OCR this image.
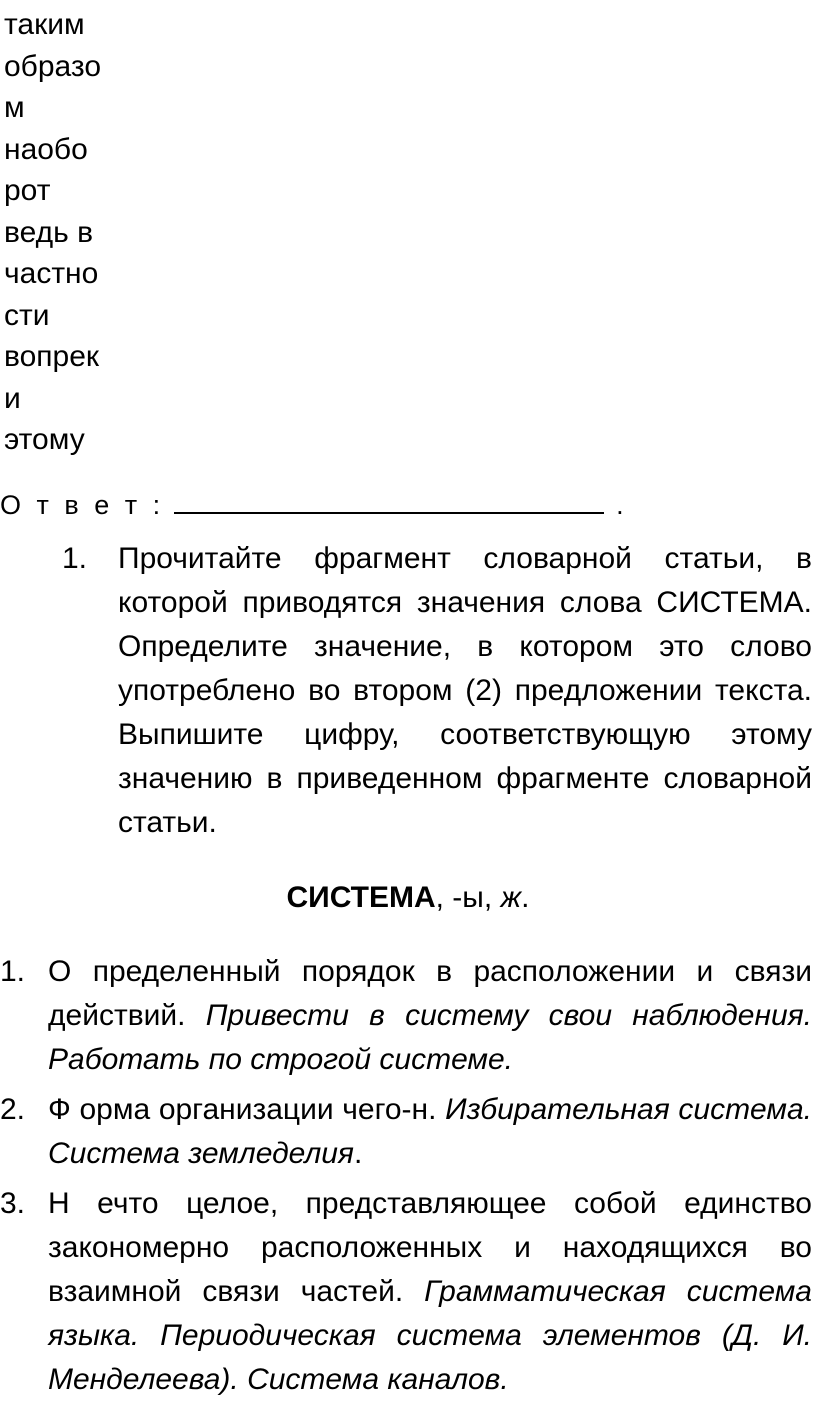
таким
образо
м
наобо
рот
ведь в
частно
сти
вопрек
и
этому
О т в е т :	.
1. Прочитайте фрагмент словарной статьи, в которой приводятся значения слова СИСТЕМА. Определите значение, в котором это слово употреблено во втором (2) предложении текста. Выпишите цифру, соответствующую этому значению в приведенном фрагменте словарной статьи.
СИСТЕМА, -ы, ж.
1. О пределенный порядок в расположении и связи действий. Привести в систему свои наблюдения. Работать по строгой системе.
2. Ф орма организации чего-н. Избирательная система. Система земледелия.
3. Н ечто целое, представляющее собой единство закономерно расположенных и находящихся во взаимной связи частей. Грамматическая система языка. Периодическая система элементов (Д. И. Менделеева). Система каналов.
